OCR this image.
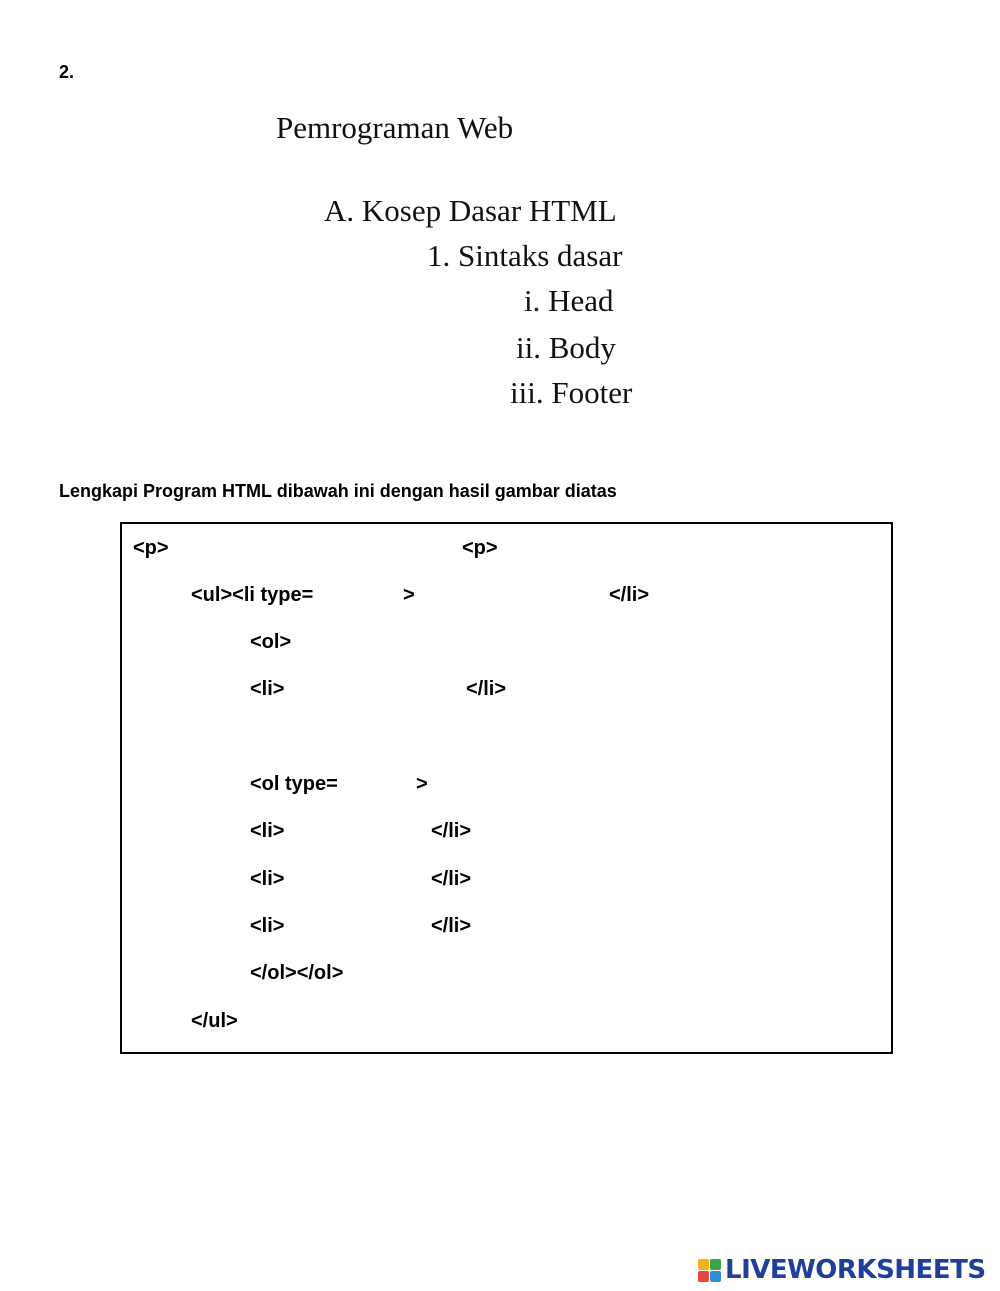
2.
Pemrograman Web
A. Kosep Dasar HTML
1. Sintaks dasar
i. Head
ii. Body
iii. Footer
Lengkapi Program HTML dibawah ini dengan hasil gambar diatas
<p>	<p>
<ul><li type=	>	</li>
<ol>
<li>	</li>
<ol type=	>
<li>	</li>
<li>	</li>
<li>	</li>
</ol></ol>
</ul>
LIVEWORKSHEETS
